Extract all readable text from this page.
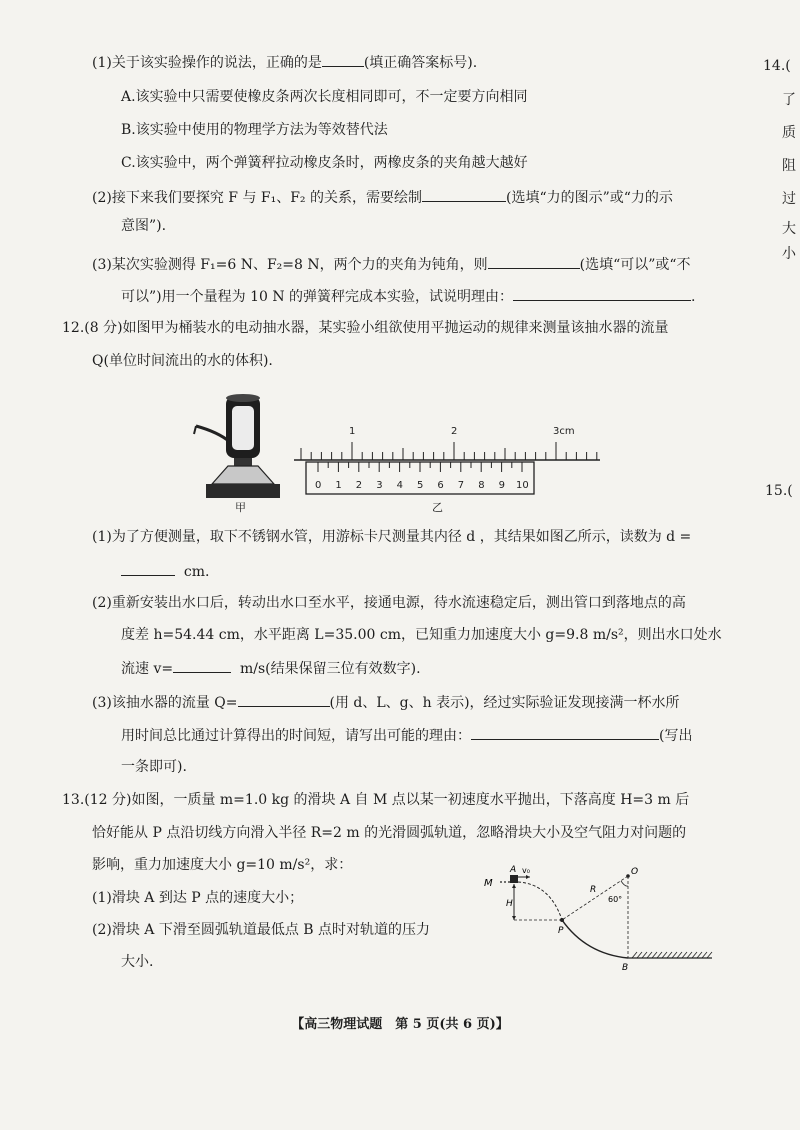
(1)关于该实验操作的说法，正确的是	(填正确答案标号).
A.该实验中只需要使橡皮条两次长度相同即可，不一定要方向相同
B.该实验中使用的物理学方法为等效替代法
C.该实验中，两个弹簧秤拉动橡皮条时，两橡皮条的夹角越大越好
(2)接下来我们要探究 F 与 F₁、F₂ 的关系，需要绘制	(选填“力的图示”或“力的示
意图”).
(3)某次实验测得 F₁=6 N、F₂=8 N，两个力的夹角为钝角，则	(选填“可以”或“不
可以”)用一个量程为 10 N 的弹簧秤完成本实验，试说明理由：	.
12.(8 分)如图甲为桶装水的电动抽水器，某实验小组欲使用平抛运动的规律来测量该抽水器的流量
Q(单位时间流出的水的体积).
甲
1	2	3cm
0 1 2 3 4 5 6 7 8 9 10
乙
(1)为了方便测量，取下不锈钢水管，用游标卡尺测量其内径 d ，其结果如图乙所示，读数为 d =
cm.
(2)重新安装出水口后，转动出水口至水平，接通电源，待水流速稳定后，测出管口到落地点的高
度差 h=54.44 cm，水平距离 L=35.00 cm，已知重力加速度大小 g=9.8 m/s²，则出水口处水
流速 v=	m/s(结果保留三位有效数字).
(3)该抽水器的流量 Q=	(用 d、L、g、h 表示)，经过实际验证发现接满一杯水所
用时间总比通过计算得出的时间短，请写出可能的理由：	(写出
一条即可).
13.(12 分)如图，一质量 m=1.0 kg 的滑块 A 自 M 点以某一初速度水平抛出，下落高度 H=3 m 后
恰好能从 P 点沿切线方向滑入半径 R=2 m 的光滑圆弧轨道，忽略滑块大小及空气阻力对问题的
影响，重力加速度大小 g=10 m/s²，求：
(1)滑块 A 到达 P 点的速度大小；
(2)滑块 A 下滑至圆弧轨道最低点 B 点时对轨道的压力
大小.
M
A v₀
H
P
R
O
60°
B
14.(
了
质
阻
过
大
小
15.(
【高三物理试题　第 5 页(共 6 页)】
